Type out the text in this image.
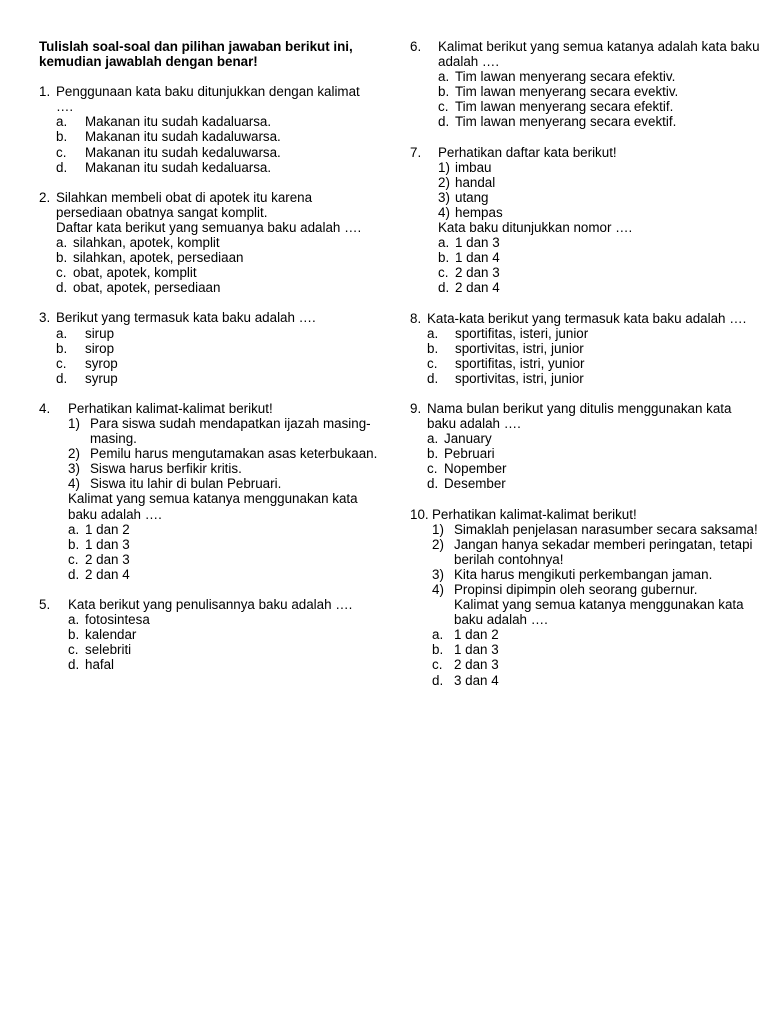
Tulislah soal-soal dan pilihan jawaban berikut ini, kemudian jawablah dengan benar!
1. Penggunaan kata baku ditunjukkan dengan kalimat ….
a.	Makanan itu sudah kadaluarsa.
b.	Makanan itu sudah kadaluwarsa.
c.	Makanan itu sudah kedaluwarsa.
d.	Makanan itu sudah kedaluarsa.
2. Silahkan membeli obat di apotek itu karena persediaan obatnya sangat komplit.
Daftar kata berikut yang semuanya baku adalah ….
a. silahkan, apotek, komplit
b. silahkan, apotek, persediaan
c. obat, apotek, komplit
d. obat, apotek, persediaan
3. Berikut yang termasuk kata baku adalah ….
a.	sirup
b.	sirop
c.	syrop
d.	syrup
4.	Perhatikan kalimat-kalimat berikut!
1) Para siswa sudah mendapatkan ijazah masing-masing.
2) Pemilu harus mengutamakan asas keterbukaan.
3) Siswa harus berfikir kritis.
4) Siswa itu lahir di bulan Pebruari.
Kalimat yang semua katanya menggunakan kata baku adalah ….
a. 1 dan 2
b. 1 dan 3
c. 2 dan 3
d. 2 dan 4
5.	Kata berikut yang penulisannya baku adalah ….
a. fotosintesa
b. kalendar
c. selebriti
d. hafal
6.	Kalimat berikut yang semua katanya adalah kata baku adalah ….
a. Tim lawan menyerang secara efektiv.
b. Tim lawan menyerang secara evektiv.
c. Tim lawan menyerang secara efektif.
d. Tim lawan menyerang secara evektif.
7.	Perhatikan daftar kata berikut!
1) imbau
2) handal
3) utang
4) hempas
Kata baku ditunjukkan nomor ….
a. 1 dan 3
b. 1 dan 4
c. 2 dan 3
d. 2 dan 4
8. Kata-kata berikut yang termasuk kata baku adalah ….
a.	sportifitas, isteri, junior
b.	sportivitas, istri, junior
c.	sportifitas, istri, yunior
d.	sportivitas, istri, junior
9. Nama bulan berikut yang ditulis menggunakan kata baku adalah ….
a. January
b. Pebruari
c. Nopember
d. Desember
10. Perhatikan kalimat-kalimat berikut!
1) Simaklah penjelasan narasumber secara saksama!
2) Jangan hanya sekadar memberi peringatan, tetapi berilah contohnya!
3) Kita harus mengikuti perkembangan jaman.
4) Propinsi dipimpin oleh seorang gubernur.
Kalimat yang semua katanya menggunakan kata baku adalah ….
a. 1 dan 2
b. 1 dan 3
c. 2 dan 3
d. 3 dan 4
